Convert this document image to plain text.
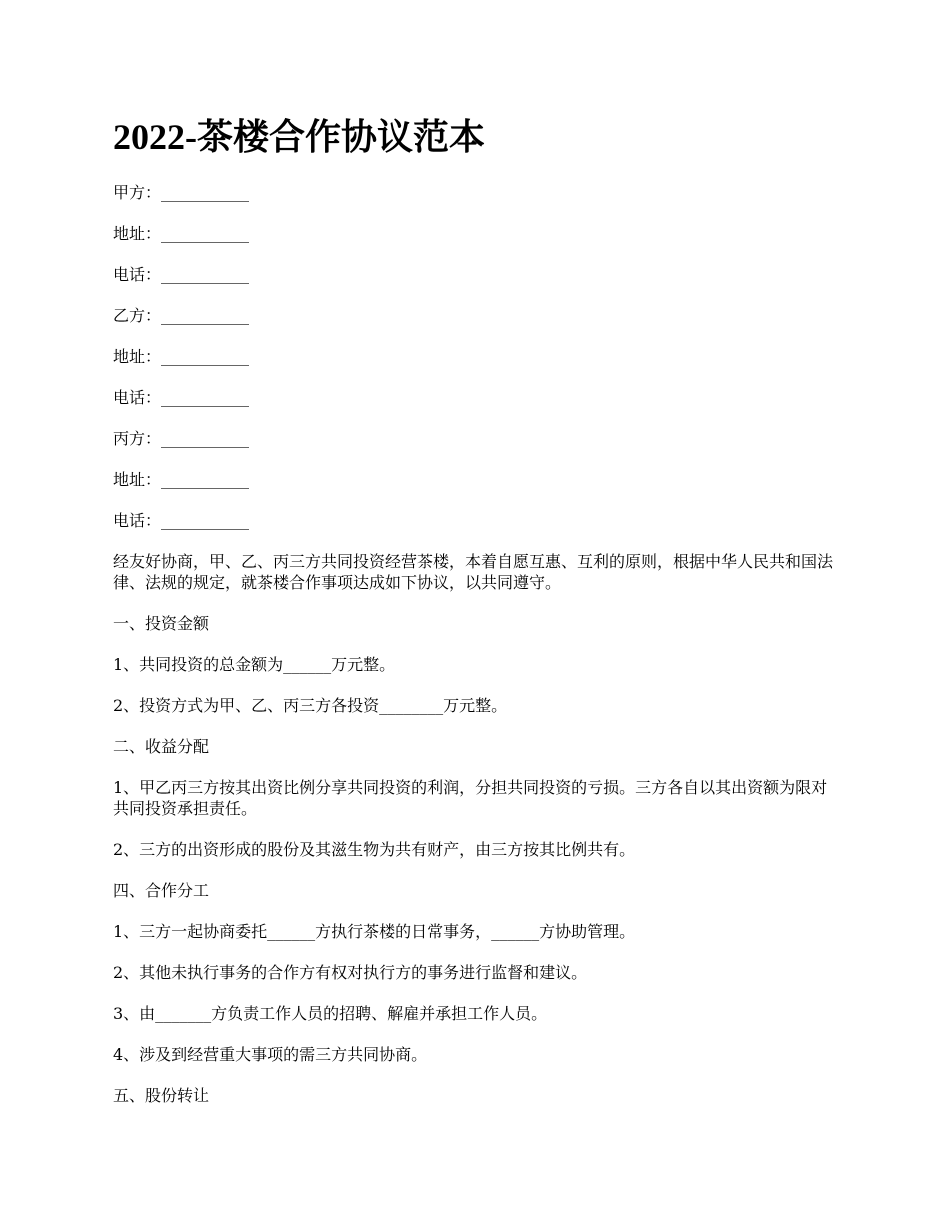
2022-茶楼合作协议范本
甲方：___________
地址：___________
电话：___________
乙方：___________
地址：___________
电话：___________
丙方：___________
地址：___________
电话：___________
经友好协商，甲、乙、丙三方共同投资经营茶楼，本着自愿互惠、互利的原则，根据中华人民共和国法律、法规的规定，就茶楼合作事项达成如下协议，以共同遵守。
一、投资金额
1、共同投资的总金额为______万元整。
2、投资方式为甲、乙、丙三方各投资________万元整。
二、收益分配
1、甲乙丙三方按其出资比例分享共同投资的利润，分担共同投资的亏损。三方各自以其出资额为限对共同投资承担责任。
2、三方的出资形成的股份及其滋生物为共有财产，由三方按其比例共有。
四、合作分工
1、三方一起协商委托______方执行茶楼的日常事务，______方协助管理。
2、其他未执行事务的合作方有权对执行方的事务进行监督和建议。
3、由_______方负责工作人员的招聘、解雇并承担工作人员。
4、涉及到经营重大事项的需三方共同协商。
五、股份转让
